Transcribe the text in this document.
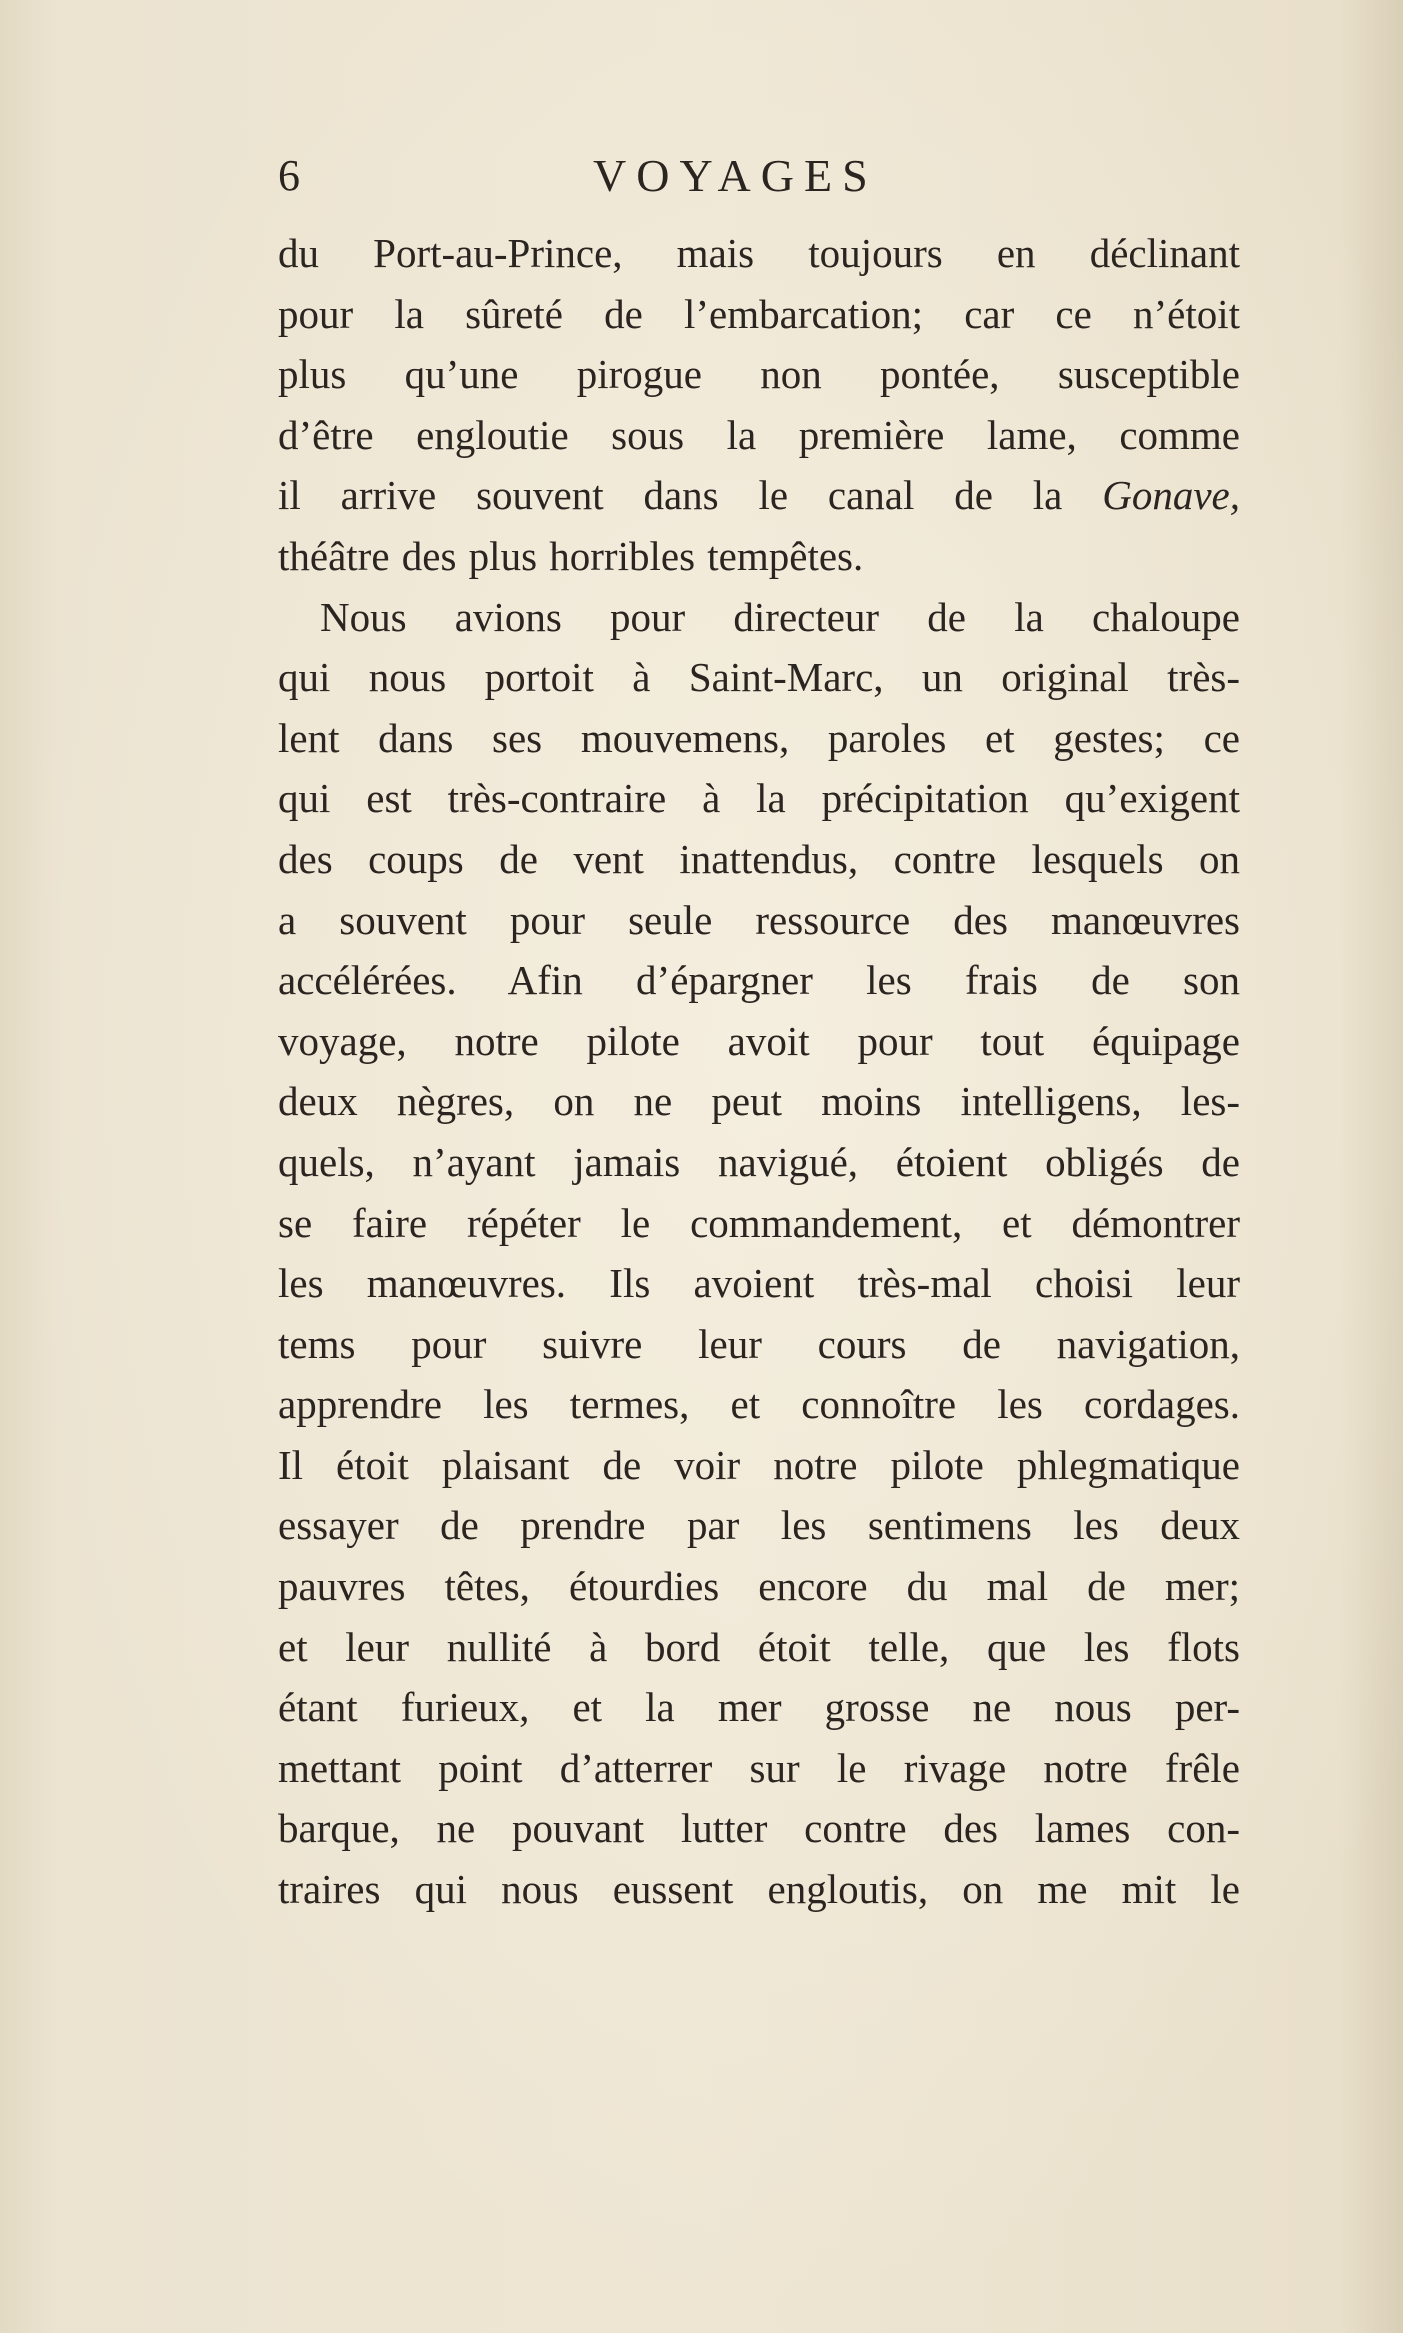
6	VOYAGES
du Port-au-Prince, mais toujours en déclinant
pour la sûreté de l’embarcation; car ce n’étoit
plus qu’une pirogue non pontée, susceptible
d’être engloutie sous la première lame, comme
il arrive souvent dans le canal de la Gonave,
théâtre des plus horribles tempêtes.
Nous avions pour directeur de la chaloupe
qui nous portoit à Saint-Marc, un original très-
lent dans ses mouvemens, paroles et gestes; ce
qui est très-contraire à la précipitation qu’exigent
des coups de vent inattendus, contre lesquels on
a souvent pour seule ressource des manœuvres
accélérées. Afin d’épargner les frais de son
voyage, notre pilote avoit pour tout équipage
deux nègres, on ne peut moins intelligens, les-
quels, n’ayant jamais navigué, étoient obligés de
se faire répéter le commandement, et démontrer
les manœuvres. Ils avoient très-mal choisi leur
tems pour suivre leur cours de navigation,
apprendre les termes, et connoître les cordages.
Il étoit plaisant de voir notre pilote phlegmatique
essayer de prendre par les sentimens les deux
pauvres têtes, étourdies encore du mal de mer;
et leur nullité à bord étoit telle, que les flots
étant furieux, et la mer grosse ne nous per-
mettant point d’atterrer sur le rivage notre frêle
barque, ne pouvant lutter contre des lames con-
traires qui nous eussent engloutis, on me mit le
